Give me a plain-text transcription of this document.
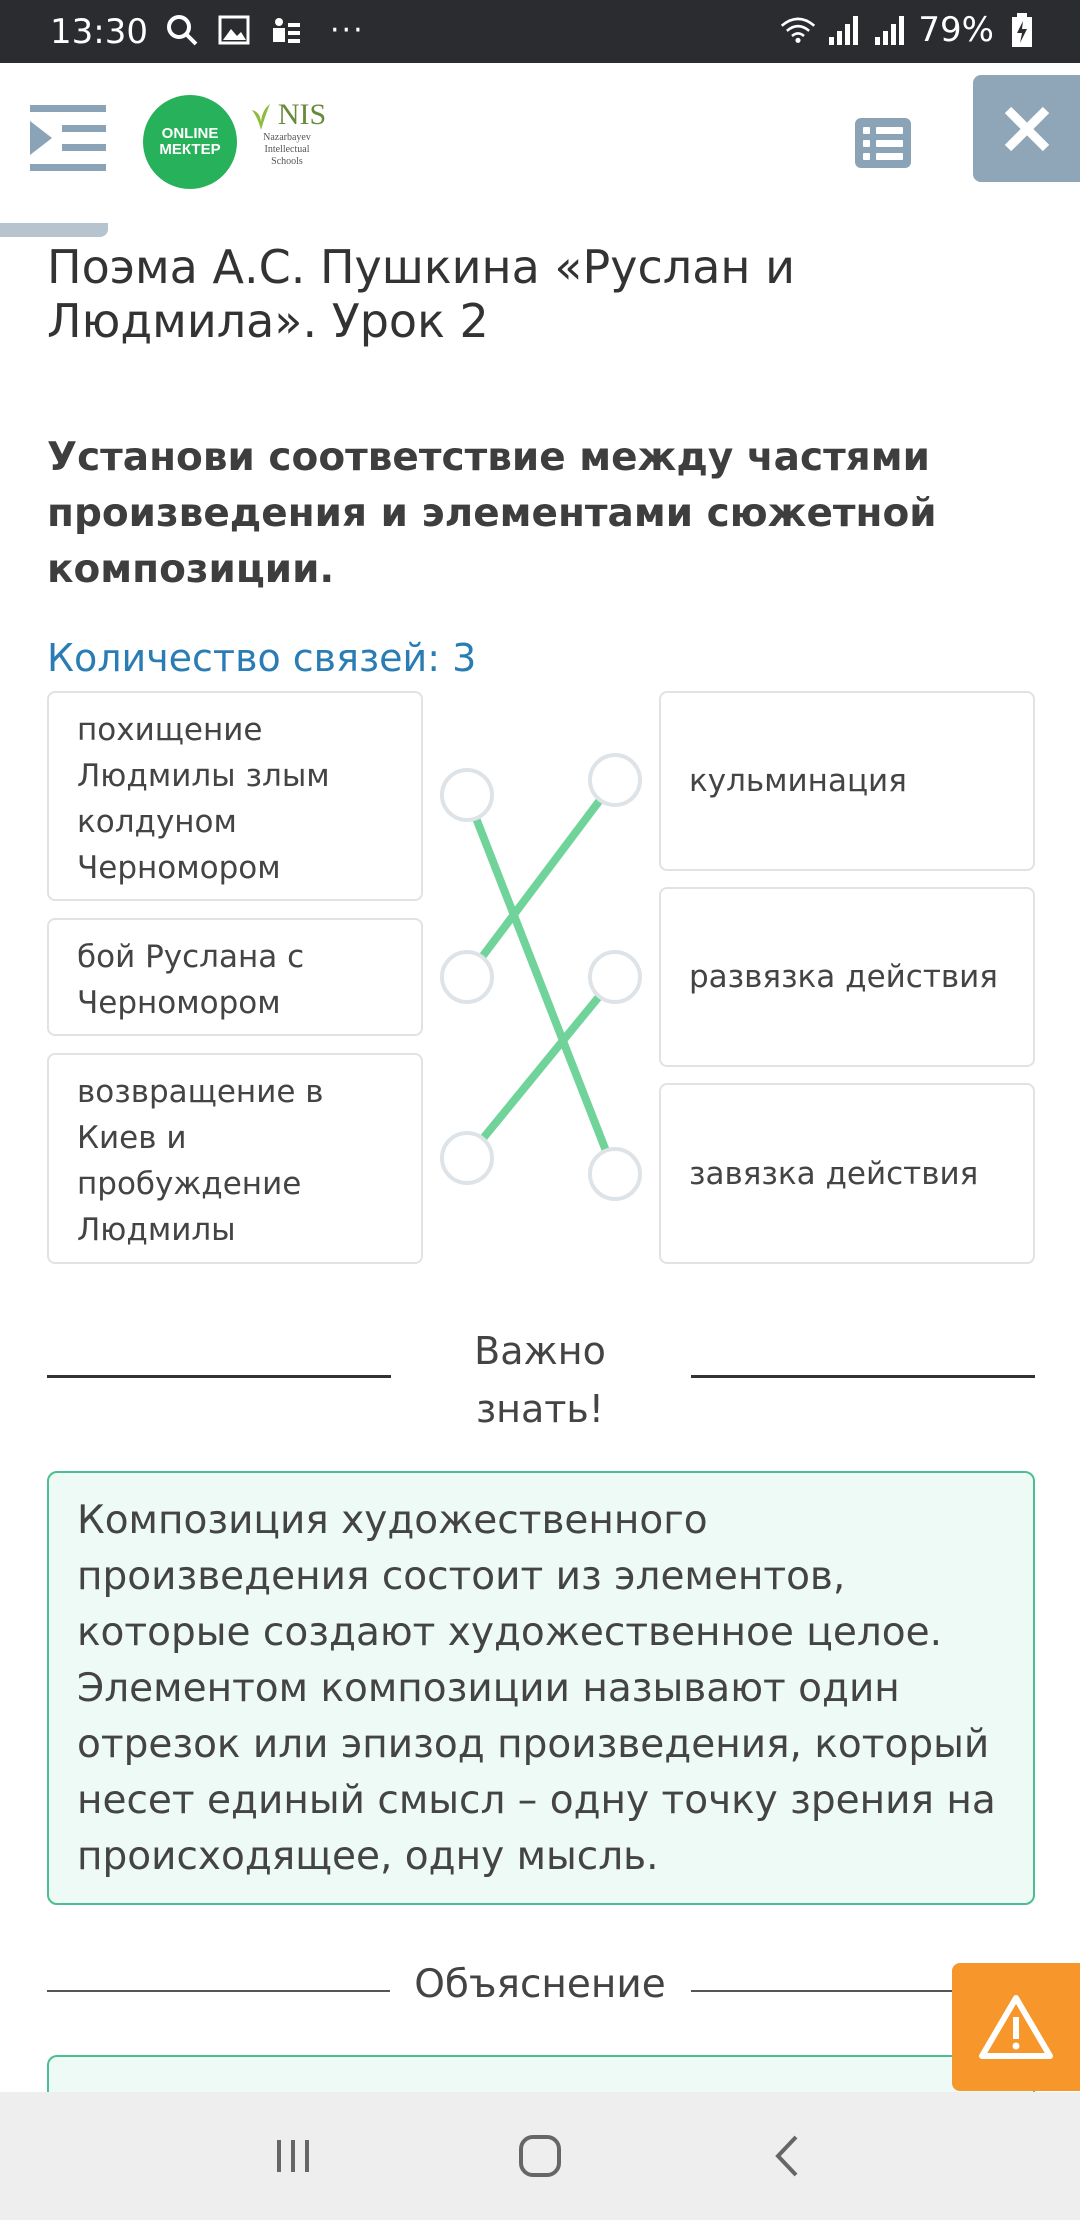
13:30	···	79%
ONLINE
МЕКТЕР
NIS
Nazarbayev
Intellectual
Schools
Поэма А.С. Пушкина «Руслан и Людмила». Урок 2

Установи соответствие между частями произведения и элементами сюжетной композиции.

Количество связей: 3
похищение Людмилы злым колдуном Черномором
бой Руслана с Черномором
возвращение в Киев и пробуждение Людмилы
кульминация
развязка действия
завязка действия
Важно знать!
Композиция художественного произведения состоит из элементов, которые создают художественное целое. Элементом композиции называют один отрезок или эпизод произведения, который несет единый смысл – одну точку зрения на происходящее, одну мысль.
Объяснение
